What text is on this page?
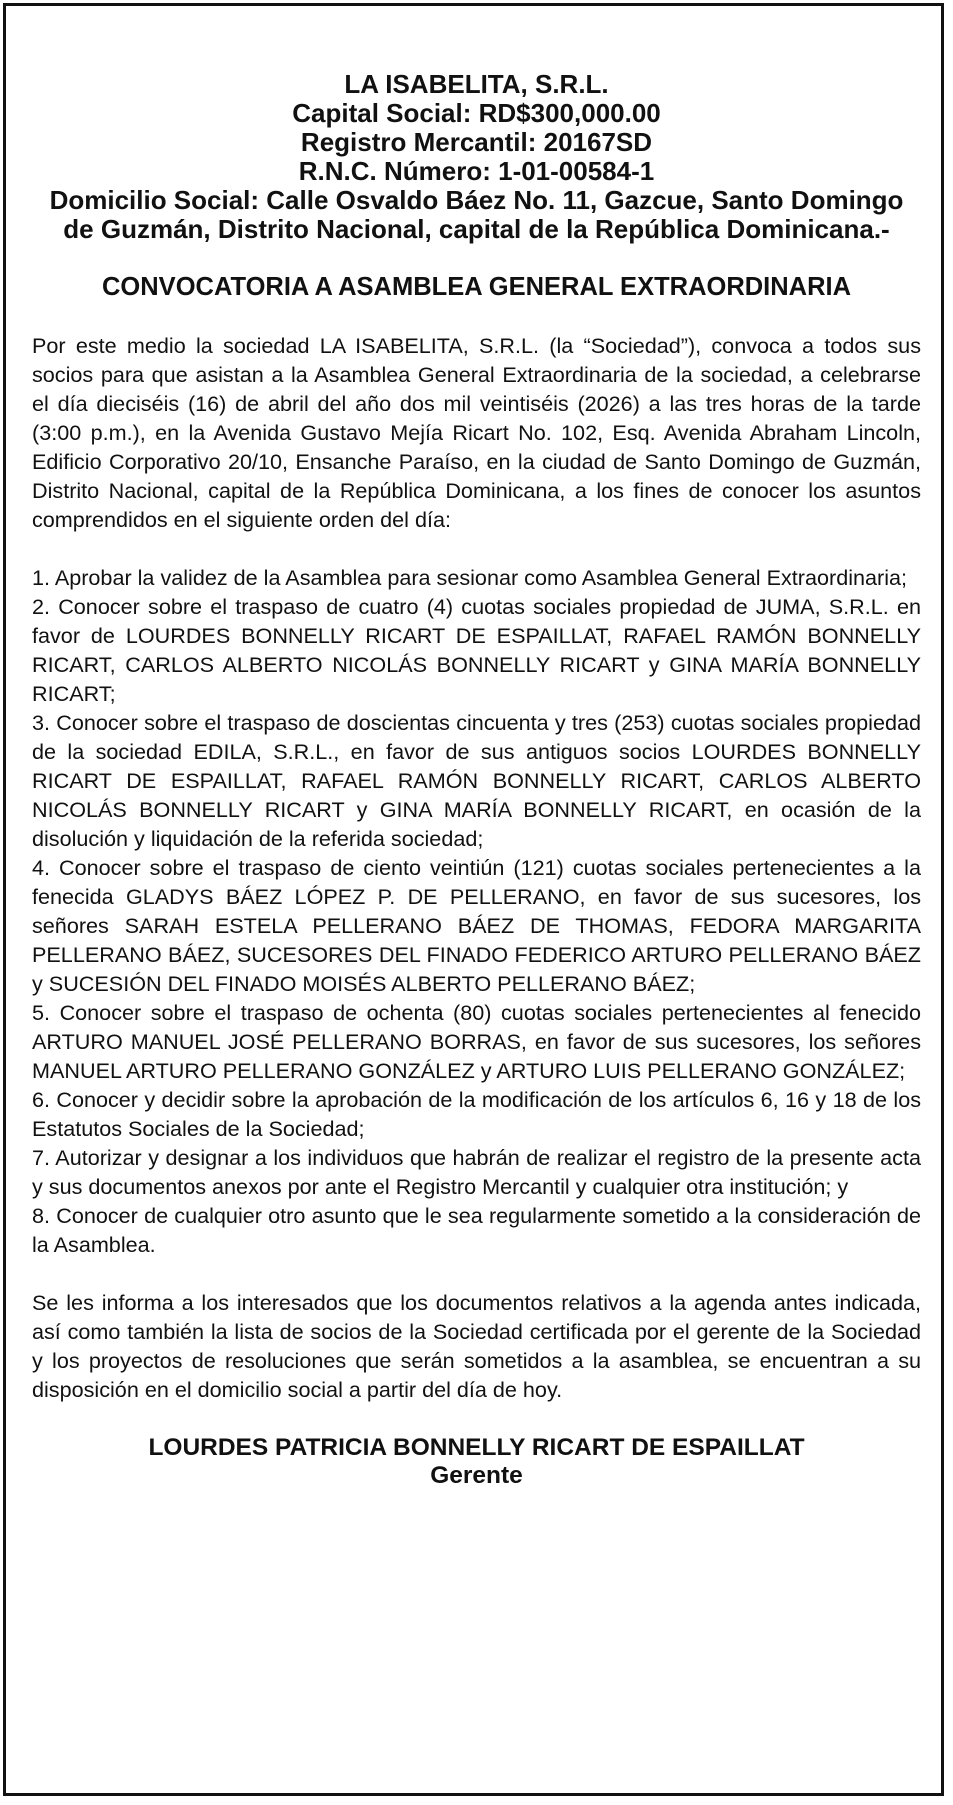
LA ISABELITA, S.R.L.
Capital Social: RD$300,000.00
Registro Mercantil: 20167SD
R.N.C. Número: 1-01-00584-1
Domicilio Social: Calle Osvaldo Báez No. 11, Gazcue, Santo Domingo de Guzmán, Distrito Nacional, capital de la República Dominicana.-
CONVOCATORIA A ASAMBLEA GENERAL EXTRAORDINARIA
Por este medio la sociedad LA ISABELITA, S.R.L. (la “Sociedad”), convoca a todos sus socios para que asistan a la Asamblea General Extraordinaria de la sociedad, a celebrarse el día dieciséis (16) de abril del año dos mil veintiséis (2026) a las tres horas de la tarde (3:00 p.m.), en la Avenida Gustavo Mejía Ricart No. 102, Esq. Avenida Abraham Lincoln, Edificio Corporativo 20/10, Ensanche Paraíso, en la ciudad de Santo Domingo de Guzmán, Distrito Nacional, capital de la República Dominicana, a los fines de conocer los asuntos comprendidos en el siguiente orden del día:
1. Aprobar la validez de la Asamblea para sesionar como Asamblea General Extraordinaria;
2. Conocer sobre el traspaso de cuatro (4) cuotas sociales propiedad de JUMA, S.R.L. en favor de LOURDES BONNELLY RICART DE ESPAILLAT, RAFAEL RAMÓN BONNELLY RICART, CARLOS ALBERTO NICOLÁS BONNELLY RICART y GINA MARÍA BONNELLY RICART;
3. Conocer sobre el traspaso de doscientas cincuenta y tres (253) cuotas sociales propiedad de la sociedad EDILA, S.R.L., en favor de sus antiguos socios LOURDES BONNELLY RICART DE ESPAILLAT, RAFAEL RAMÓN BONNELLY RICART, CARLOS ALBERTO NICOLÁS BONNELLY RICART y GINA MARÍA BONNELLY RICART, en ocasión de la disolución y liquidación de la referida sociedad;
4. Conocer sobre el traspaso de ciento veintiún (121) cuotas sociales pertenecientes a la fenecida GLADYS BÁEZ LÓPEZ P. DE PELLERANO, en favor de sus sucesores, los señores SARAH ESTELA PELLERANO BÁEZ DE THOMAS, FEDORA MARGARITA PELLERANO BÁEZ, SUCESORES DEL FINADO FEDERICO ARTURO PELLERANO BÁEZ y SUCESIÓN DEL FINADO MOISÉS ALBERTO PELLERANO BÁEZ;
5. Conocer sobre el traspaso de ochenta (80) cuotas sociales pertenecientes al fenecido ARTURO MANUEL JOSÉ PELLERANO BORRAS, en favor de sus sucesores, los señores MANUEL ARTURO PELLERANO GONZÁLEZ y ARTURO LUIS PELLERANO GONZÁLEZ;
6. Conocer y decidir sobre la aprobación de la modificación de los artículos 6, 16 y 18 de los Estatutos Sociales de la Sociedad;
7. Autorizar y designar a los individuos que habrán de realizar el registro de la presente acta y sus documentos anexos por ante el Registro Mercantil y cualquier otra institución; y
8. Conocer de cualquier otro asunto que le sea regularmente sometido a la consideración de la Asamblea.
Se les informa a los interesados que los documentos relativos a la agenda antes indicada, así como también la lista de socios de la Sociedad certificada por el gerente de la Sociedad y los proyectos de resoluciones que serán sometidos a la asamblea, se encuentran a su disposición en el domicilio social a partir del día de hoy.
LOURDES PATRICIA BONNELLY RICART DE ESPAILLAT
Gerente
